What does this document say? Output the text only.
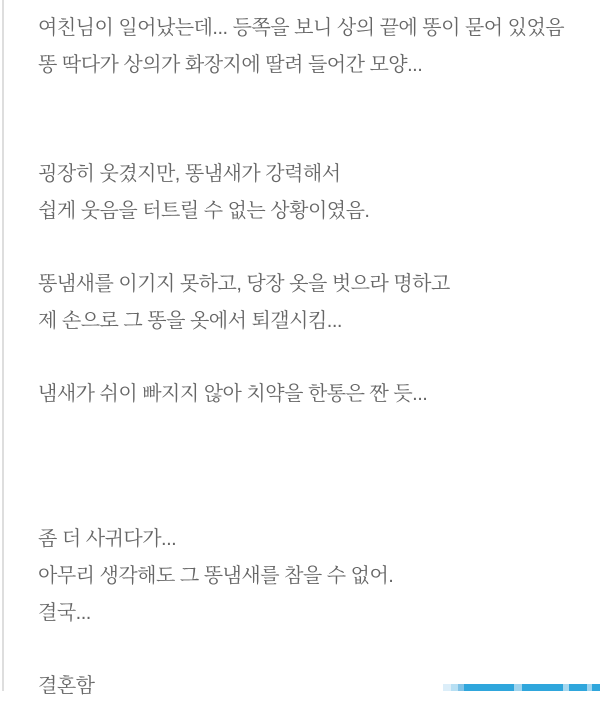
여친님이 일어났는데... 등쪽을 보니 상의 끝에 똥이 묻어 있었음

똥 딱다가 상의가 화장지에 딸려 들어간 모양...

굉장히 웃겼지만, 똥냄새가 강력해서

쉽게 웃음을 터트릴 수 없는 상황이였음.

똥냄새를 이기지 못하고, 당장 옷을 벗으라 명하고

제 손으로 그 똥을 옷에서 퇴갤시킴...

냄새가 쉬이 빠지지 않아 치약을 한통은 짠 듯...

좀 더 사귀다가...

아무리 생각해도 그 똥냄새를 참을 수 없어.

결국...

결혼함
